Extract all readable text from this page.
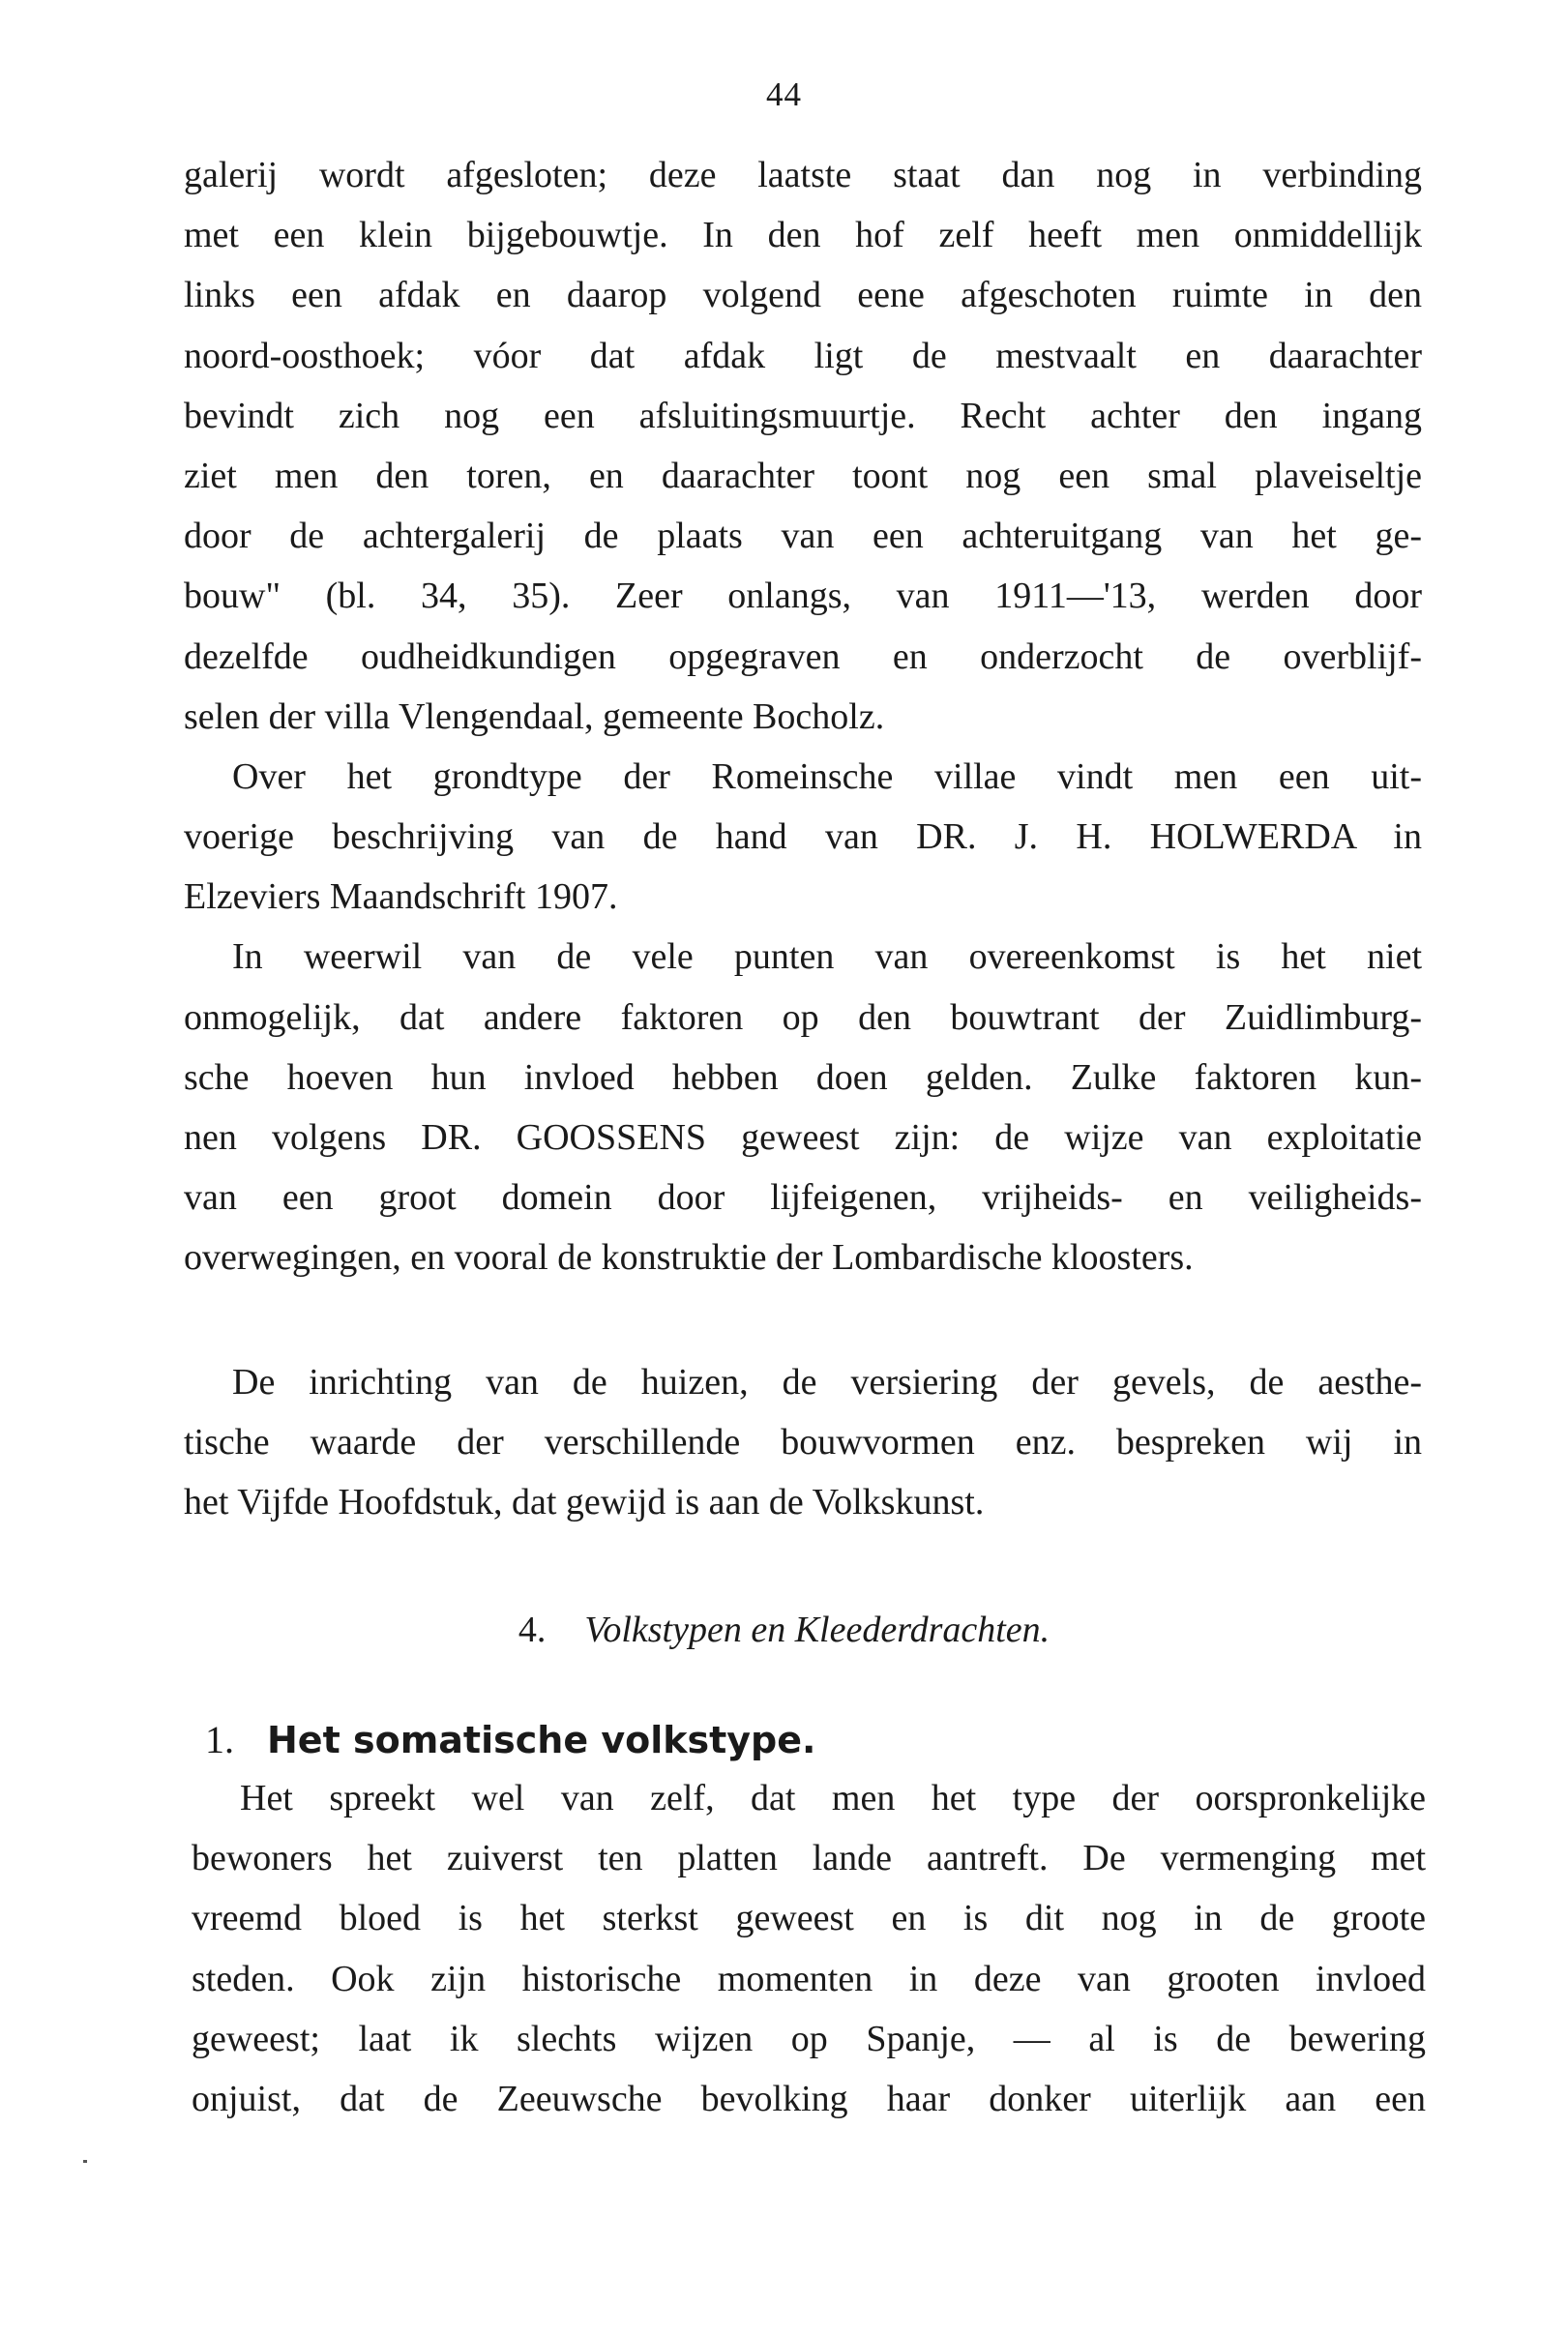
44
galerij wordt afgesloten; deze laatste staat dan nog in verbinding
met een klein bijgebouwtje. In den hof zelf heeft men onmiddellijk
links een afdak en daarop volgend eene afgeschoten ruimte in den
noord-oosthoek; vóor dat afdak ligt de mestvaalt en daarachter
bevindt zich nog een afsluitingsmuurtje. Recht achter den ingang
ziet men den toren, en daarachter toont nog een smal plaveiseltje
door de achtergalerij de plaats van een achteruitgang van het ge-
bouw" (bl. 34, 35). Zeer onlangs, van 1911—'13, werden door
dezelfde oudheidkundigen opgegraven en onderzocht de overblijf-
selen der villa Vlengendaal, gemeente Bocholz.
Over het grondtype der Romeinsche villae vindt men een uit-
voerige beschrijving van de hand van DR. J. H. HOLWERDA in
Elzeviers Maandschrift 1907.
In weerwil van de vele punten van overeenkomst is het niet
onmogelijk, dat andere faktoren op den bouwtrant der Zuidlimburg-
sche hoeven hun invloed hebben doen gelden. Zulke faktoren kun-
nen volgens DR. GOOSSENS geweest zijn: de wijze van exploitatie
van een groot domein door lijfeigenen, vrijheids- en veiligheids-
overwegingen, en vooral de konstruktie der Lombardische kloosters.
De inrichting van de huizen, de versiering der gevels, de aesthe-
tische waarde der verschillende bouwvormen enz. bespreken wij in
het Vijfde Hoofdstuk, dat gewijd is aan de Volkskunst.
4. Volkstypen en Kleederdrachten.
1. Het somatische volkstype.
Het spreekt wel van zelf, dat men het type der oorspronkelijke
bewoners het zuiverst ten platten lande aantreft. De vermenging met
vreemd bloed is het sterkst geweest en is dit nog in de groote
steden. Ook zijn historische momenten in deze van grooten invloed
geweest; laat ik slechts wijzen op Spanje, — al is de bewering
onjuist, dat de Zeeuwsche bevolking haar donker uiterlijk aan een
